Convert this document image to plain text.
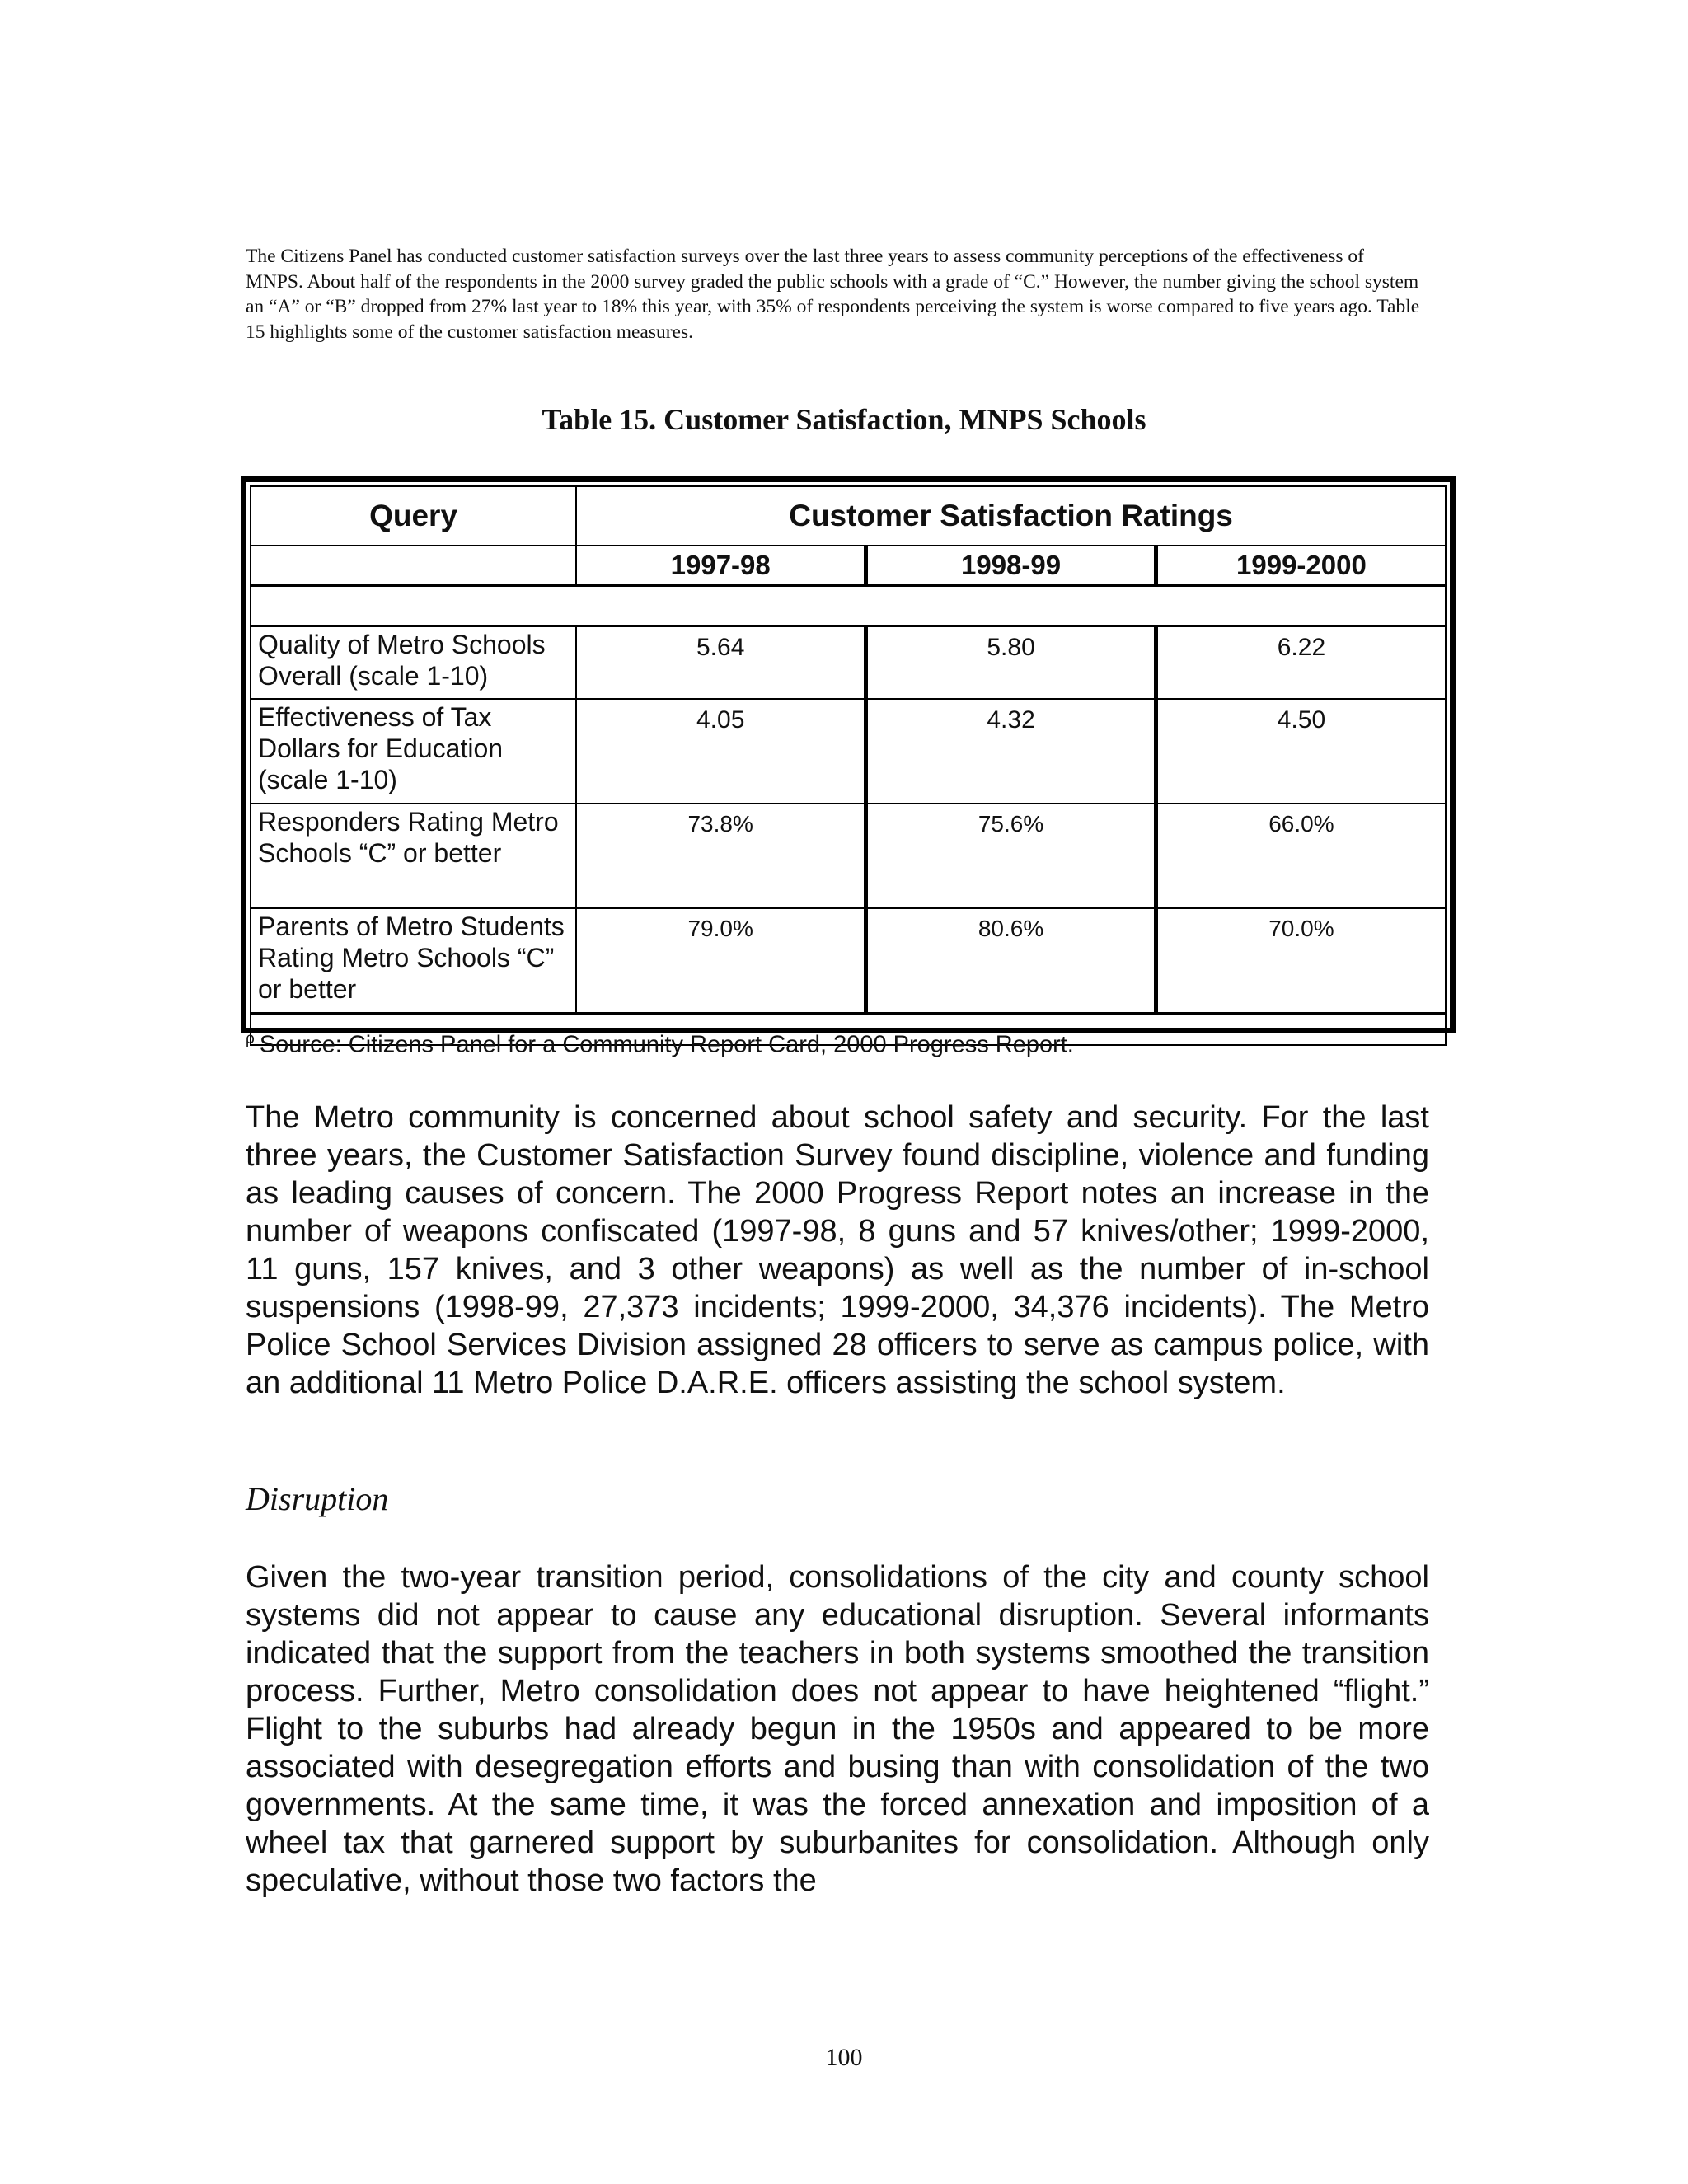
The Citizens Panel has conducted customer satisfaction surveys over the last three years to assess community perceptions of the effectiveness of MNPS. About half of the respondents in the 2000 survey graded the public schools with a grade of “C.” However, the number giving the school system an “A” or “B” dropped from 27% last year to 18% this year, with 35% of respondents perceiving the system is worse compared to five years ago. Table 15 highlights some of the customer satisfaction measures.

Table 15. Customer Satisfaction, MNPS Schools

Query	Customer Satisfaction Ratings		
	1997-98	1998-99	1999-2000

Quality of Metro Schools Overall (scale 1-10)	5.64	5.80	6.22
Effectiveness of Tax Dollars for Education (scale 1-10)	4.05	4.32	4.50
Responders Rating Metro Schools “C” or better	73.8%	75.6%	66.0%
Parents of Metro Students Rating Metro Schools “C” or better	79.0%	80.6%	70.0%

$^\rho$ Source: Citizens Panel for a Community Report Card, 2000 Progress Report.

The Metro community is concerned about school safety and security. For the last three years, the Customer Satisfaction Survey found discipline, violence and funding as leading causes of concern. The 2000 Progress Report notes an increase in the number of weapons confiscated (1997-98, 8 guns and 57 knives/other; 1999-2000, 11 guns, 157 knives, and 3 other weapons) as well as the number of in-school suspensions (1998-99, 27,373 incidents; 1999-2000, 34,376 incidents). The Metro Police School Services Division assigned 28 officers to serve as campus police, with an additional 11 Metro Police D.A.R.E. officers assisting the school system.

Disruption

Given the two-year transition period, consolidations of the city and county school systems did not appear to cause any educational disruption. Several informants indicated that the support from the teachers in both systems smoothed the transition process. Further, Metro consolidation does not appear to have heightened “flight.” Flight to the suburbs had already begun in the 1950s and appeared to be more associated with desegregation efforts and busing than with consolidation of the two governments. At the same time, it was the forced annexation and imposition of a wheel tax that garnered support by suburbanites for consolidation. Although only speculative, without those two factors the

100
